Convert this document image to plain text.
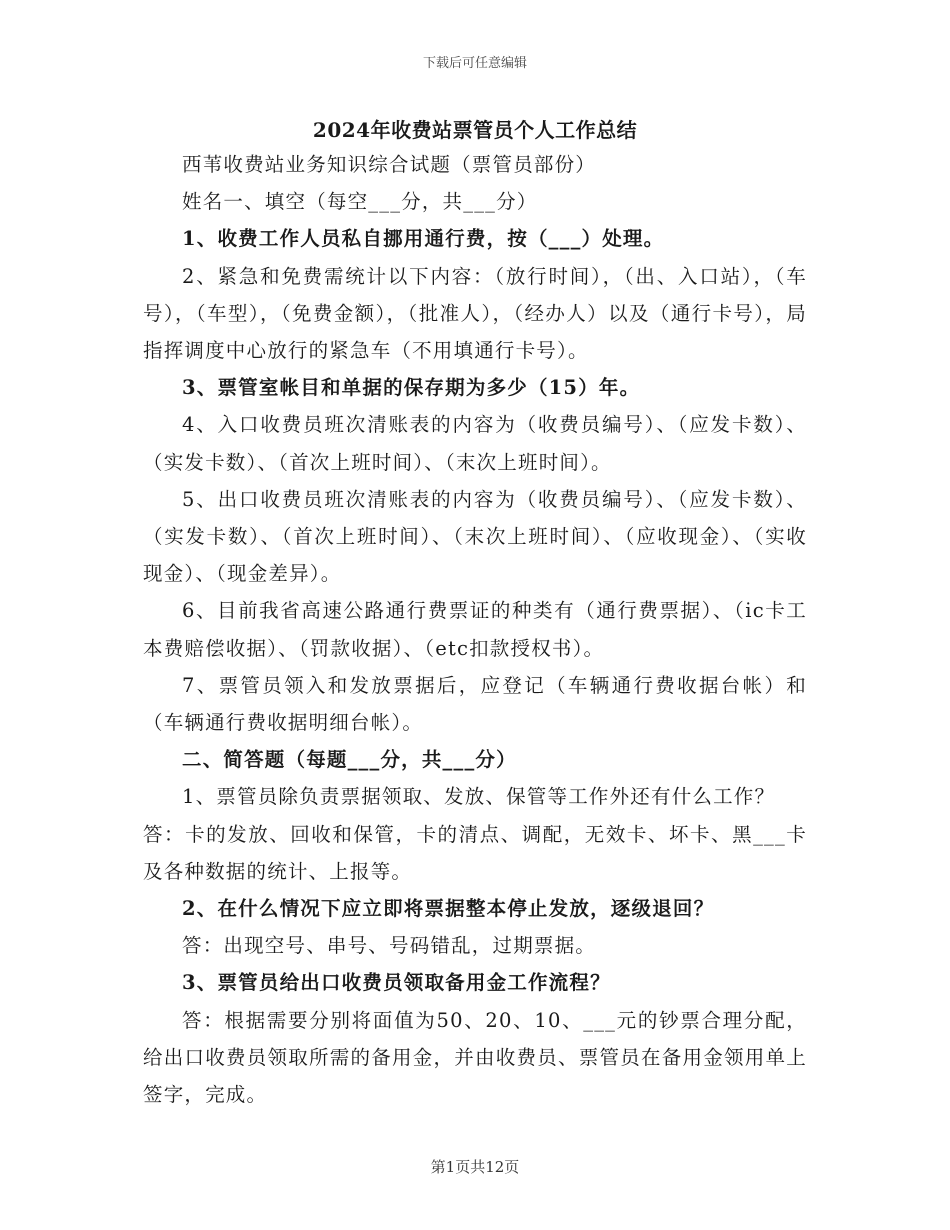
下载后可任意编辑
2024年收费站票管员个人工作总结

西苇收费站业务知识综合试题（票管员部份）

姓名一、填空（每空___分，共___分）

1、收费工作人员私自挪用通行费，按（___）处理。

2、紧急和免费需统计以下内容：（放行时间），（出、入口站），（车号），（车型），（免费金额），（批准人），（经办人）以及（通行卡号），局指挥调度中心放行的紧急车（不用填通行卡号）。

3、票管室帐目和单据的保存期为多少（15）年。

4、入口收费员班次清账表的内容为（收费员编号）、（应发卡数）、（实发卡数）、（首次上班时间）、（末次上班时间）。

5、出口收费员班次清账表的内容为（收费员编号）、（应发卡数）、（实发卡数）、（首次上班时间）、（末次上班时间）、（应收现金）、（实收现金）、（现金差异）。

6、目前我省高速公路通行费票证的种类有（通行费票据）、（ic卡工本费赔偿收据）、（罚款收据）、（etc扣款授权书）。

7、票管员领入和发放票据后，应登记（车辆通行费收据台帐）和（车辆通行费收据明细台帐）。

二、简答题（每题___分，共___分）

1、票管员除负责票据领取、发放、保管等工作外还有什么工作？

答：卡的发放、回收和保管，卡的清点、调配，无效卡、坏卡、黑___卡及各种数据的统计、上报等。

2、在什么情况下应立即将票据整本停止发放，逐级退回？

答：出现空号、串号、号码错乱，过期票据。

3、票管员给出口收费员领取备用金工作流程？

答：根据需要分别将面值为50、20、10、___元的钞票合理分配，给出口收费员领取所需的备用金，并由收费员、票管员在备用金领用单上签字，完成。

第1页共12页
